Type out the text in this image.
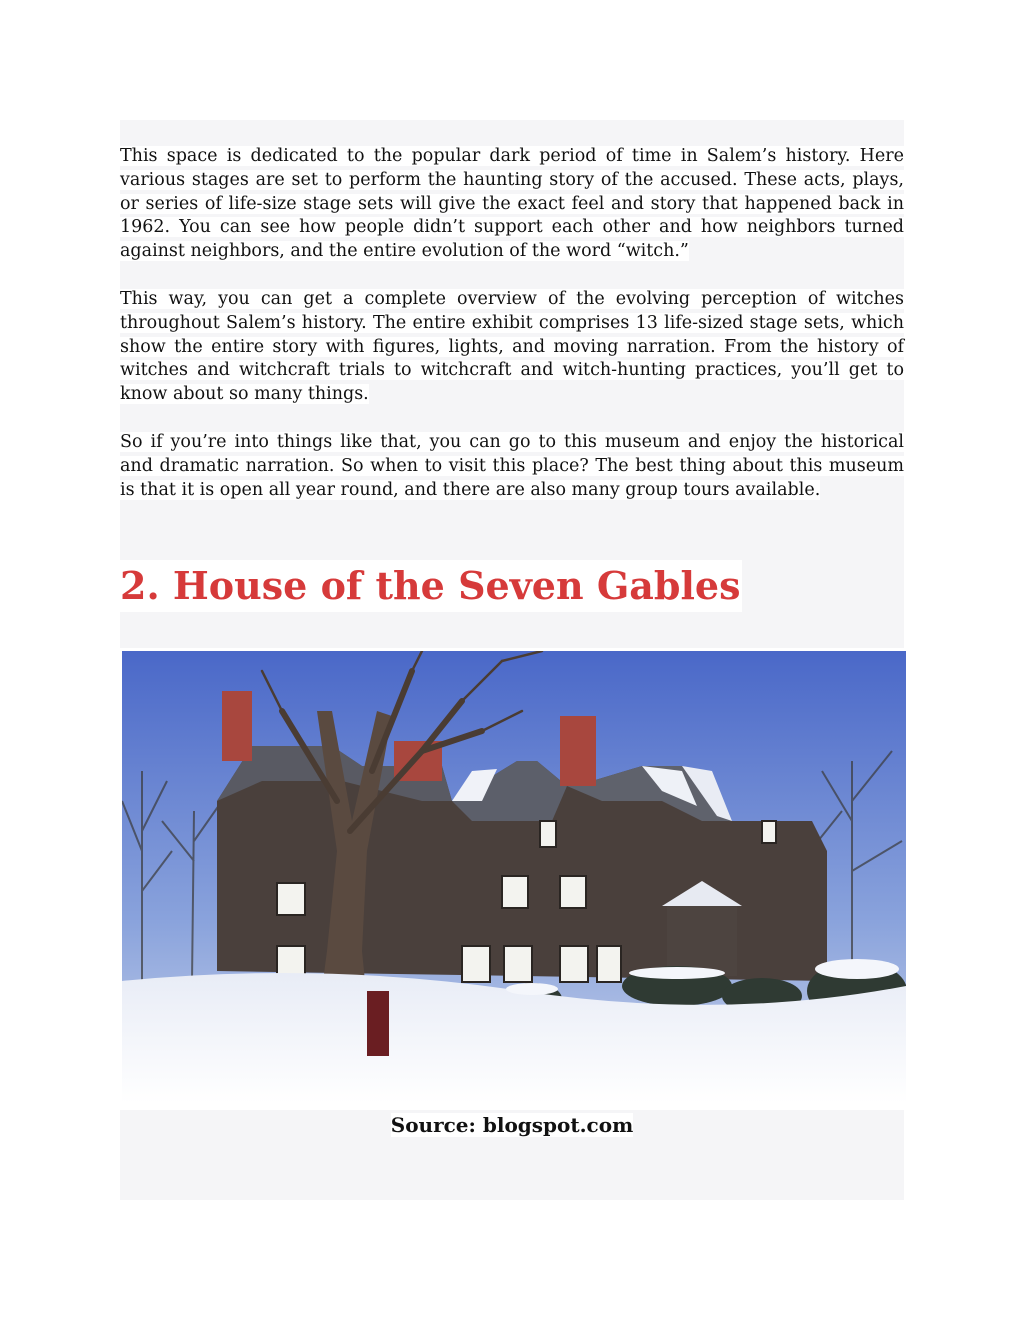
This space is dedicated to the popular dark period of time in Salem’s history. Here various stages are set to perform the haunting story of the accused. These acts, plays, or series of life-size stage sets will give the exact feel and story that happened back in 1962. You can see how people didn’t support each other and how neighbors turned against neighbors, and the entire evolution of the word “witch.”

This way, you can get a complete overview of the evolving perception of witches throughout Salem’s history. The entire exhibit comprises 13 life-sized stage sets, which show the entire story with figures, lights, and moving narration. From the history of witches and witchcraft trials to witchcraft and witch-hunting practices, you’ll get to know about so many things.

So if you’re into things like that, you can go to this museum and enjoy the historical and dramatic narration. So when to visit this place? The best thing about this museum is that it is open all year round, and there are also many group tours available.

2. House of the Seven Gables
Source: blogspot.com
